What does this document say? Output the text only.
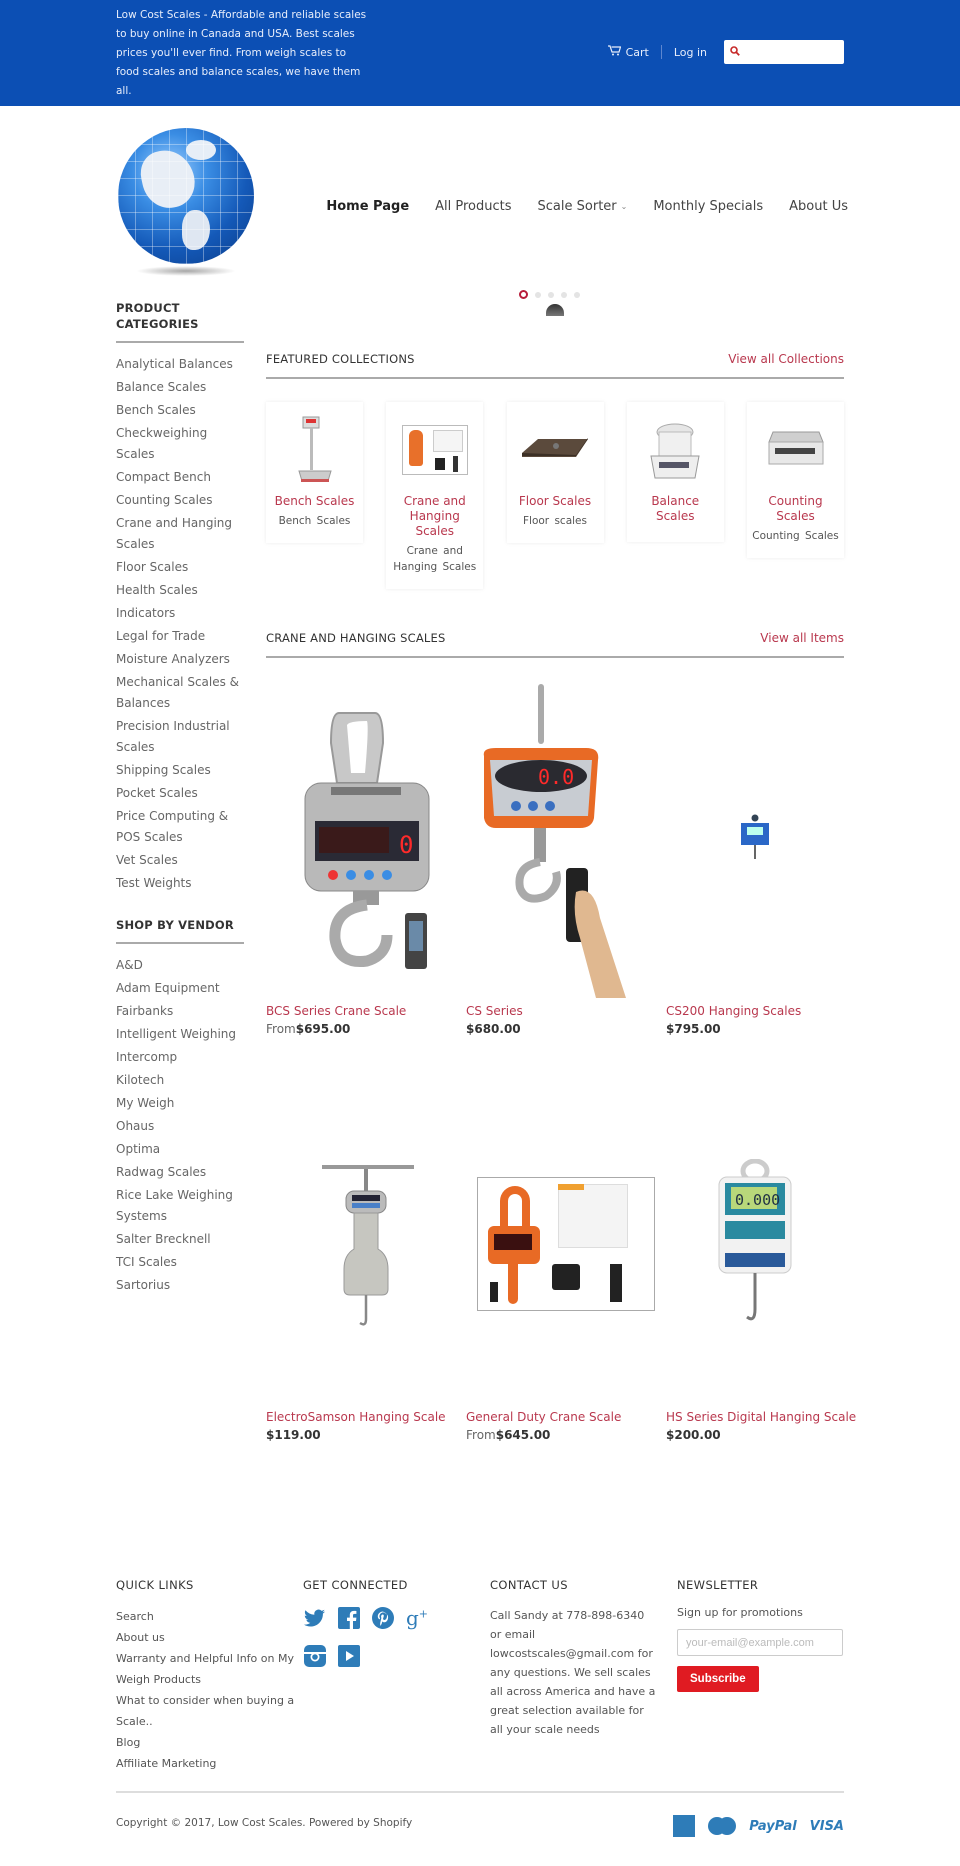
Low Cost Scales - Affordable and reliable scales to buy online in Canada and USA. Best scales prices you'll ever find. From weigh scales to food scales and balance scales, we have them all.

Cart Log in
Home Page All Products Scale Sorter ⌄ Monthly Specials About Us
PRODUCT CATEGORIES
Analytical Balances
Balance Scales
Bench Scales
Checkweighing Scales
Compact Bench
Counting Scales
Crane and Hanging Scales
Floor Scales
Health Scales
Indicators
Legal for Trade
Moisture Analyzers
Mechanical Scales & Balances
Precision Industrial Scales
Shipping Scales
Pocket Scales
Price Computing & POS Scales
Vet Scales
Test Weights
SHOP BY VENDOR
A&D
Adam Equipment
Fairbanks
Intelligent Weighing
Intercomp
Kilotech
My Weigh
Ohaus
Optima
Radwag Scales
Rice Lake Weighing Systems
Salter Brecknell
TCI Scales
Sartorius
FEATURED COLLECTIONS	View all Collections
Bench Scales
Bench Scales
Crane and Hanging Scales
Crane and Hanging Scales
Floor Scales
Floor scales
Balance Scales
Counting Scales
Counting Scales
CRANE AND HANGING SCALES	View all Items
0
BCS Series Crane Scale
From$695.00
0.0
CS Series
$680.00
CS200 Hanging Scales
$795.00
ElectroSamson Hanging Scale
$119.00
General Duty Crane Scale
From$645.00
0.000
HS Series Digital Hanging Scale
$200.00
QUICK LINKS
Search
About us
Warranty and Helpful Info on My Weigh Products
What to consider when buying a Scale..
Blog
Affiliate Marketing
GET CONNECTED
g+
CONTACT US

Call Sandy at 778-898-6340 or email lowcostscales@gmail.com for any questions. We sell scales all across America and have a great selection available for all your scale needs

NEWSLETTER

Sign up for promotions

your-email@example.com Subscribe
Copyright © 2017, Low Cost Scales. Powered by Shopify	PayPal VISA
